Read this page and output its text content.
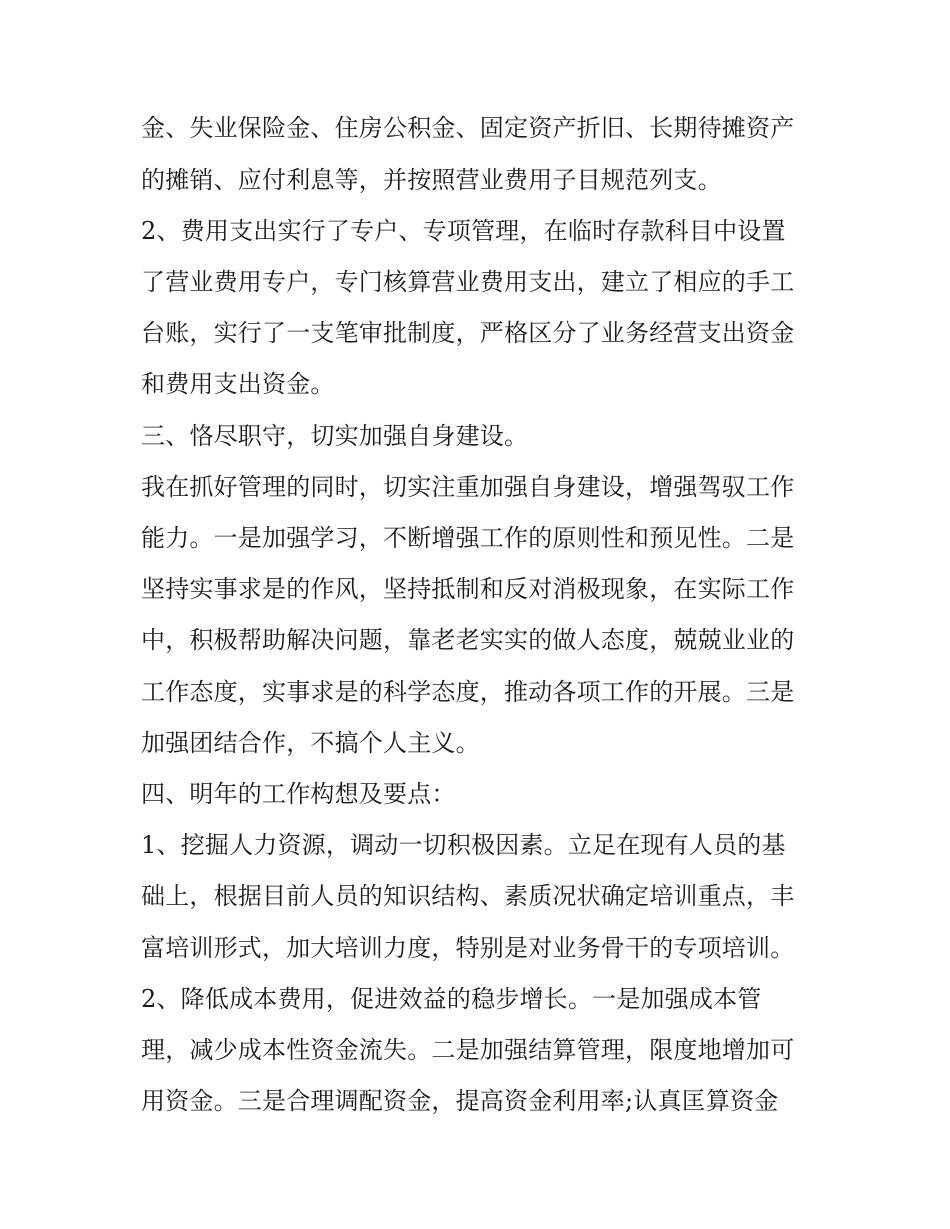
金、失业保险金、住房公积金、固定资产折旧、长期待摊资产
的摊销、应付利息等，并按照营业费用子目规范列支。
2、费用支出实行了专户、专项管理，在临时存款科目中设置
了营业费用专户，专门核算营业费用支出，建立了相应的手工
台账，实行了一支笔审批制度，严格区分了业务经营支出资金
和费用支出资金。
三、恪尽职守，切实加强自身建设。
我在抓好管理的同时，切实注重加强自身建设，增强驾驭工作
能力。一是加强学习，不断增强工作的原则性和预见性。二是
坚持实事求是的作风，坚持抵制和反对消极现象，在实际工作
中，积极帮助解决问题，靠老老实实的做人态度，兢兢业业的
工作态度，实事求是的科学态度，推动各项工作的开展。三是
加强团结合作，不搞个人主义。
四、明年的工作构想及要点：
1、挖掘人力资源，调动一切积极因素。立足在现有人员的基
础上，根据目前人员的知识结构、素质况状确定培训重点，丰
富培训形式，加大培训力度，特别是对业务骨干的专项培训。
2、降低成本费用，促进效益的稳步增长。一是加强成本管
理，减少成本性资金流失。二是加强结算管理，限度地增加可
用资金。三是合理调配资金，提高资金利用率;认真匡算资金
